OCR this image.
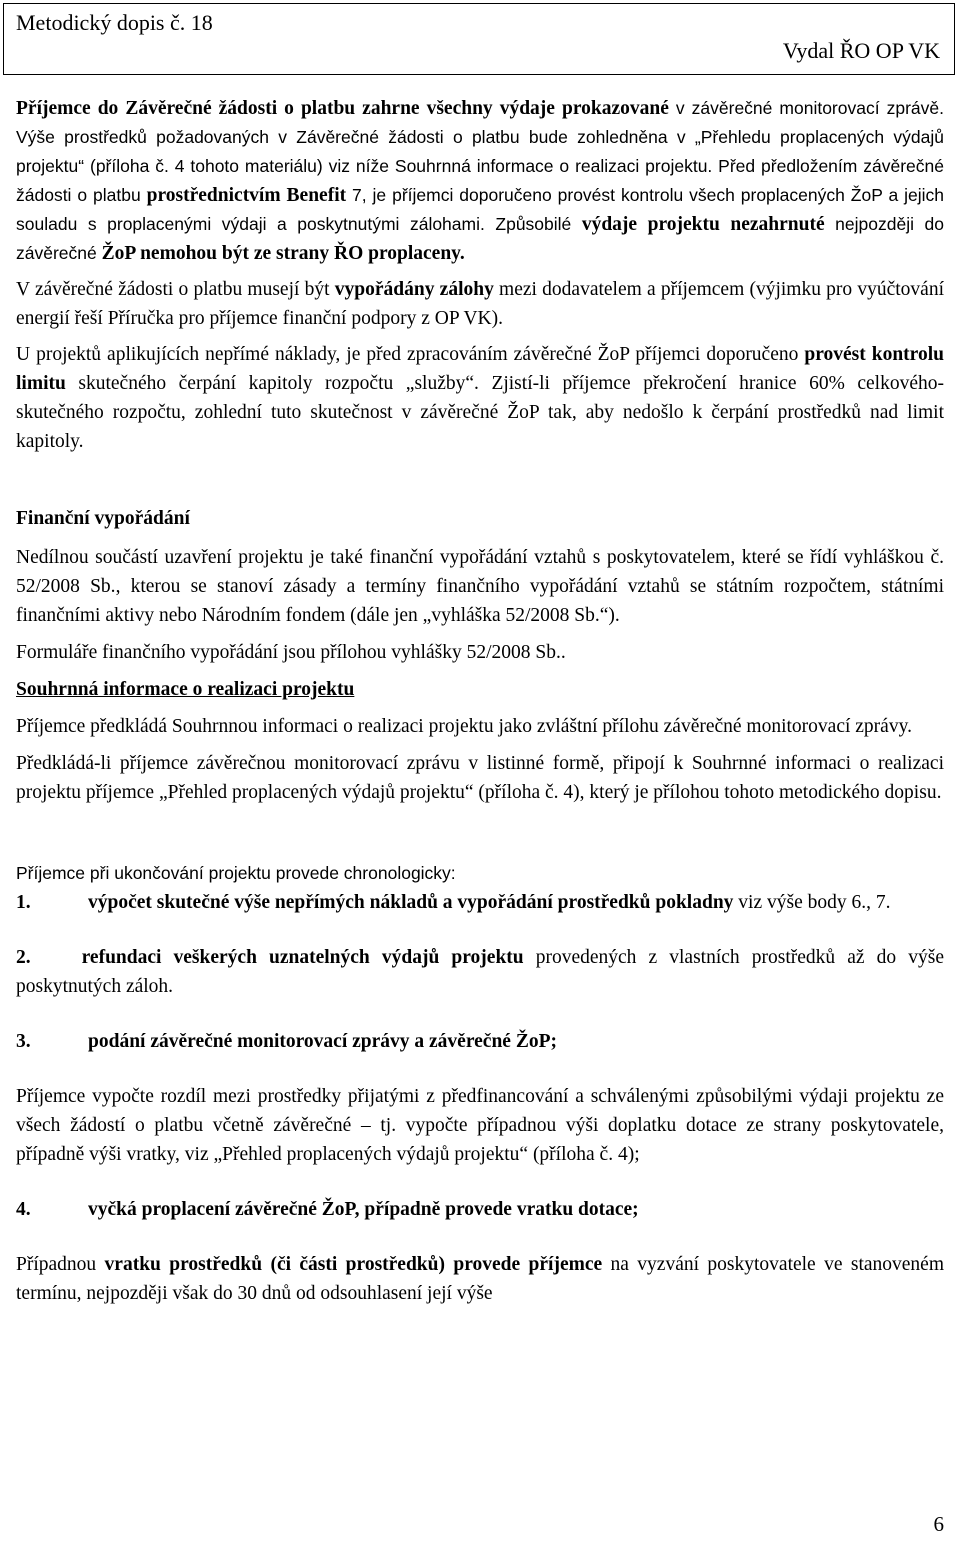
Metodický dopis č. 18
Vydal ŘO OP VK

Příjemce do Závěrečné žádosti o platbu zahrne všechny výdaje prokazované v závěrečné monitorovací zprávě. Výše prostředků požadovaných v Závěrečné žádosti o platbu bude zohledněna v „Přehledu proplacených výdajů projektu“ (příloha č. 4 tohoto materiálu) viz níže Souhrnná informace o realizaci projektu. Před předložením závěrečné žádosti o platbu prostřednictvím Benefit 7, je příjemci doporučeno provést kontrolu všech proplacených ŽoP a jejich souladu s proplacenými výdaji a poskytnutými zálohami. Způsobilé výdaje projektu nezahrnuté nejpozději do závěrečné ŽoP nemohou být ze strany ŘO proplaceny.

V závěrečné žádosti o platbu musejí být vypořádány zálohy mezi dodavatelem a příjemcem (výjimku pro vyúčtování energií řeší Příručka pro příjemce finanční podpory z OP VK).

U projektů aplikujících nepřímé náklady, je před zpracováním závěrečné ŽoP příjemci doporučeno provést kontrolu limitu skutečného čerpání kapitoly rozpočtu „služby“. Zjistí-li příjemce překročení hranice 60% celkového-skutečného rozpočtu, zohlední tuto skutečnost v závěrečné ŽoP tak, aby nedošlo k čerpání prostředků nad limit kapitoly.

Finanční vypořádání

Nedílnou součástí uzavření projektu je také finanční vypořádání vztahů s poskytovatelem, které se řídí vyhláškou č. 52/2008 Sb., kterou se stanoví zásady a termíny finančního vypořádání vztahů se státním rozpočtem, státními finančními aktivy nebo Národním fondem (dále jen „vyhláška 52/2008 Sb.“).

Formuláře finančního vypořádání jsou přílohou vyhlášky 52/2008 Sb..

Souhrnná informace o realizaci projektu

Příjemce předkládá Souhrnnou informaci o realizaci projektu jako zvláštní přílohu závěrečné monitorovací zprávy.

Předkládá-li příjemce závěrečnou monitorovací zprávu v listinné formě, připojí k Souhrnné informaci o realizaci projektu příjemce „Přehled proplacených výdajů projektu“ (příloha č. 4), který je přílohou tohoto metodického dopisu.

Příjemce při ukončování projektu provede chronologicky:

1.	výpočet skutečné výše nepřímých nákladů a vypořádání prostředků pokladny viz výše body 6., 7.

2.	refundaci veškerých uznatelných výdajů projektu provedených z vlastních prostředků až do výše poskytnutých záloh.

3.	podání závěrečné monitorovací zprávy a závěrečné ŽoP;

Příjemce vypočte rozdíl mezi prostředky přijatými z předfinancování a schválenými způsobilými výdaji projektu ze všech žádostí o platbu včetně závěrečné – tj. vypočte případnou výši doplatku dotace ze strany poskytovatele, případně výši vratky, viz „Přehled proplacených výdajů projektu“ (příloha č. 4);

4.	vyčká proplacení závěrečné ŽoP, případně provede vratku dotace;

Případnou vratku prostředků (či části prostředků) provede příjemce na vyzvání poskytovatele ve stanoveném termínu, nejpozději však do 30 dnů od odsouhlasení její výše

6
